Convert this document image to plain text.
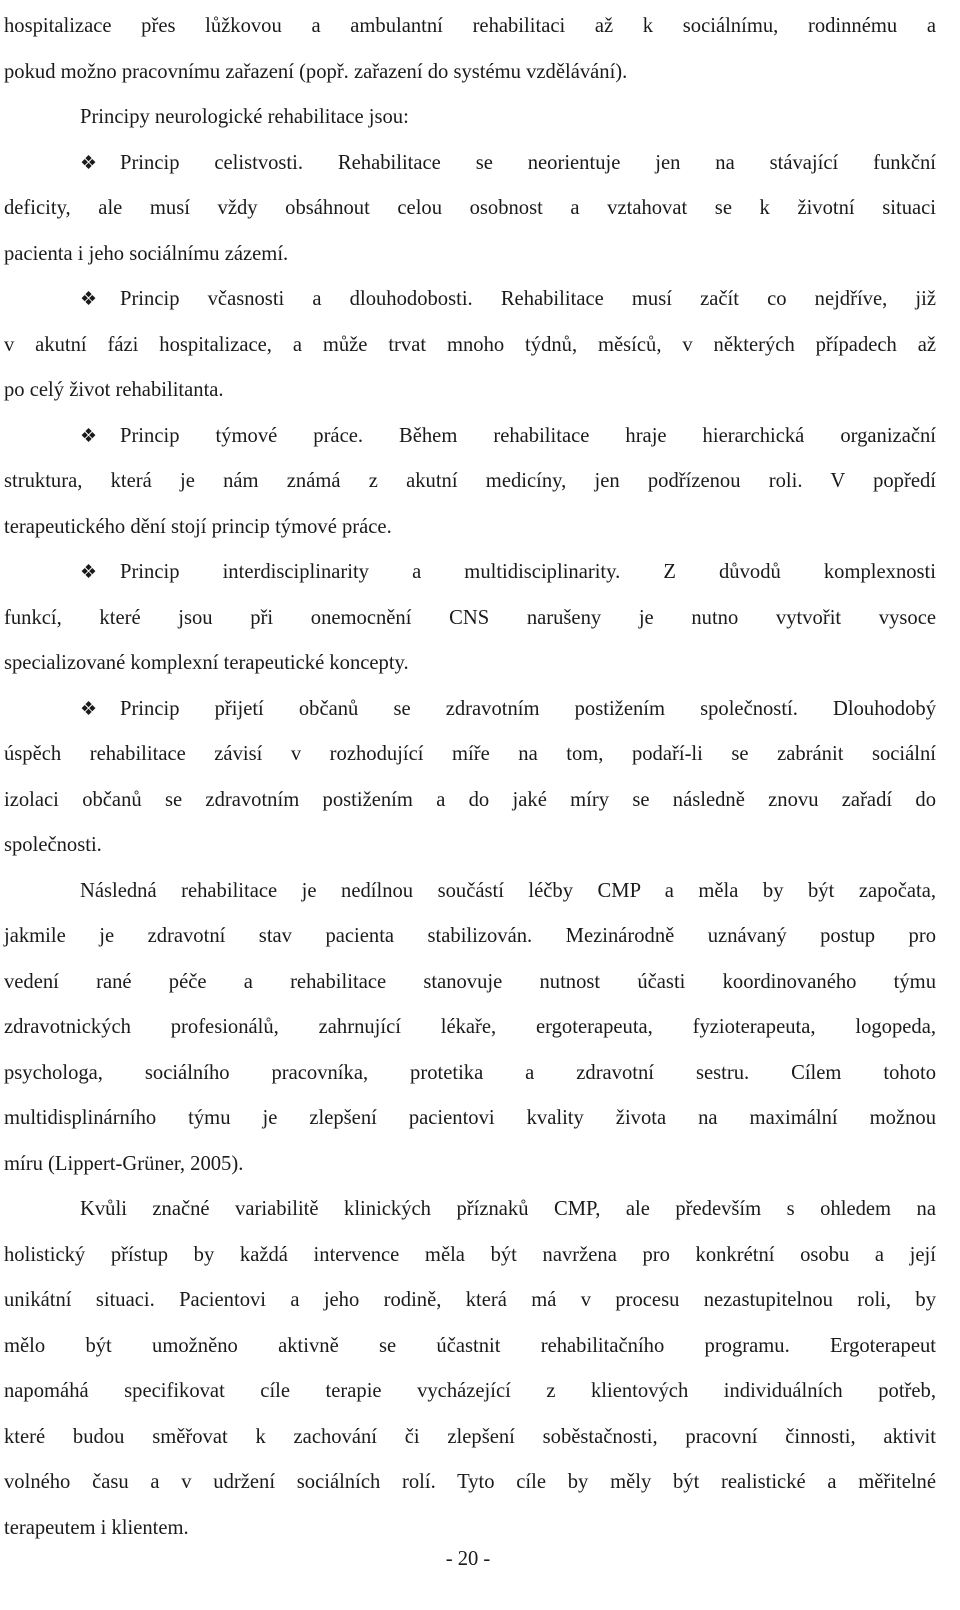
hospitalizace přes lůžkovou a ambulantní rehabilitaci až k sociálnímu, rodinnému a
pokud možno pracovnímu zařazení (popř. zařazení do systému vzdělávání).
Principy neurologické rehabilitace jsou:
❖ Princip celistvosti. Rehabilitace se neorientuje jen na stávající funkční
deficity, ale musí vždy obsáhnout celou osobnost a vztahovat se k životní situaci
pacienta i jeho sociálnímu zázemí.
❖ Princip včasnosti a dlouhodobosti. Rehabilitace musí začít co nejdříve, již
v akutní fázi hospitalizace, a může trvat mnoho týdnů, měsíců, v některých případech až
po celý život rehabilitanta.
❖ Princip týmové práce. Během rehabilitace hraje hierarchická organizační
struktura, která je nám známá z akutní medicíny, jen podřízenou roli. V popředí
terapeutického dění stojí princip týmové práce.
❖ Princip interdisciplinarity a multidisciplinarity. Z důvodů komplexnosti
funkcí, které jsou při onemocnění CNS narušeny je nutno vytvořit vysoce
specializované komplexní terapeutické koncepty.
❖ Princip přijetí občanů se zdravotním postižením společností. Dlouhodobý
úspěch rehabilitace závisí v rozhodující míře na tom, podaří-li se zabránit sociální
izolaci občanů se zdravotním postižením a do jaké míry se následně znovu zařadí do
společnosti.
Následná rehabilitace je nedílnou součástí léčby CMP a měla by být započata,
jakmile je zdravotní stav pacienta stabilizován. Mezinárodně uznávaný postup pro
vedení rané péče a rehabilitace stanovuje nutnost účasti koordinovaného týmu
zdravotnických profesionálů, zahrnující lékaře, ergoterapeuta, fyzioterapeuta, logopeda,
psychologa, sociálního pracovníka, protetika a zdravotní sestru. Cílem tohoto
multidisplinárního týmu je zlepšení pacientovi kvality života na maximální možnou
míru (Lippert-Grüner, 2005).
Kvůli značné variabilitě klinických příznaků CMP, ale především s ohledem na
holistický přístup by každá intervence měla být navržena pro konkrétní osobu a její
unikátní situaci. Pacientovi a jeho rodině, která má v procesu nezastupitelnou roli, by
mělo být umožněno aktivně se účastnit rehabilitačního programu. Ergoterapeut
napomáhá specifikovat cíle terapie vycházející z klientových individuálních potřeb,
které budou směřovat k zachování či zlepšení soběstačnosti, pracovní činnosti, aktivit
volného času a v udržení sociálních rolí. Tyto cíle by měly být realistické a měřitelné
terapeutem i klientem.
- 20 -
